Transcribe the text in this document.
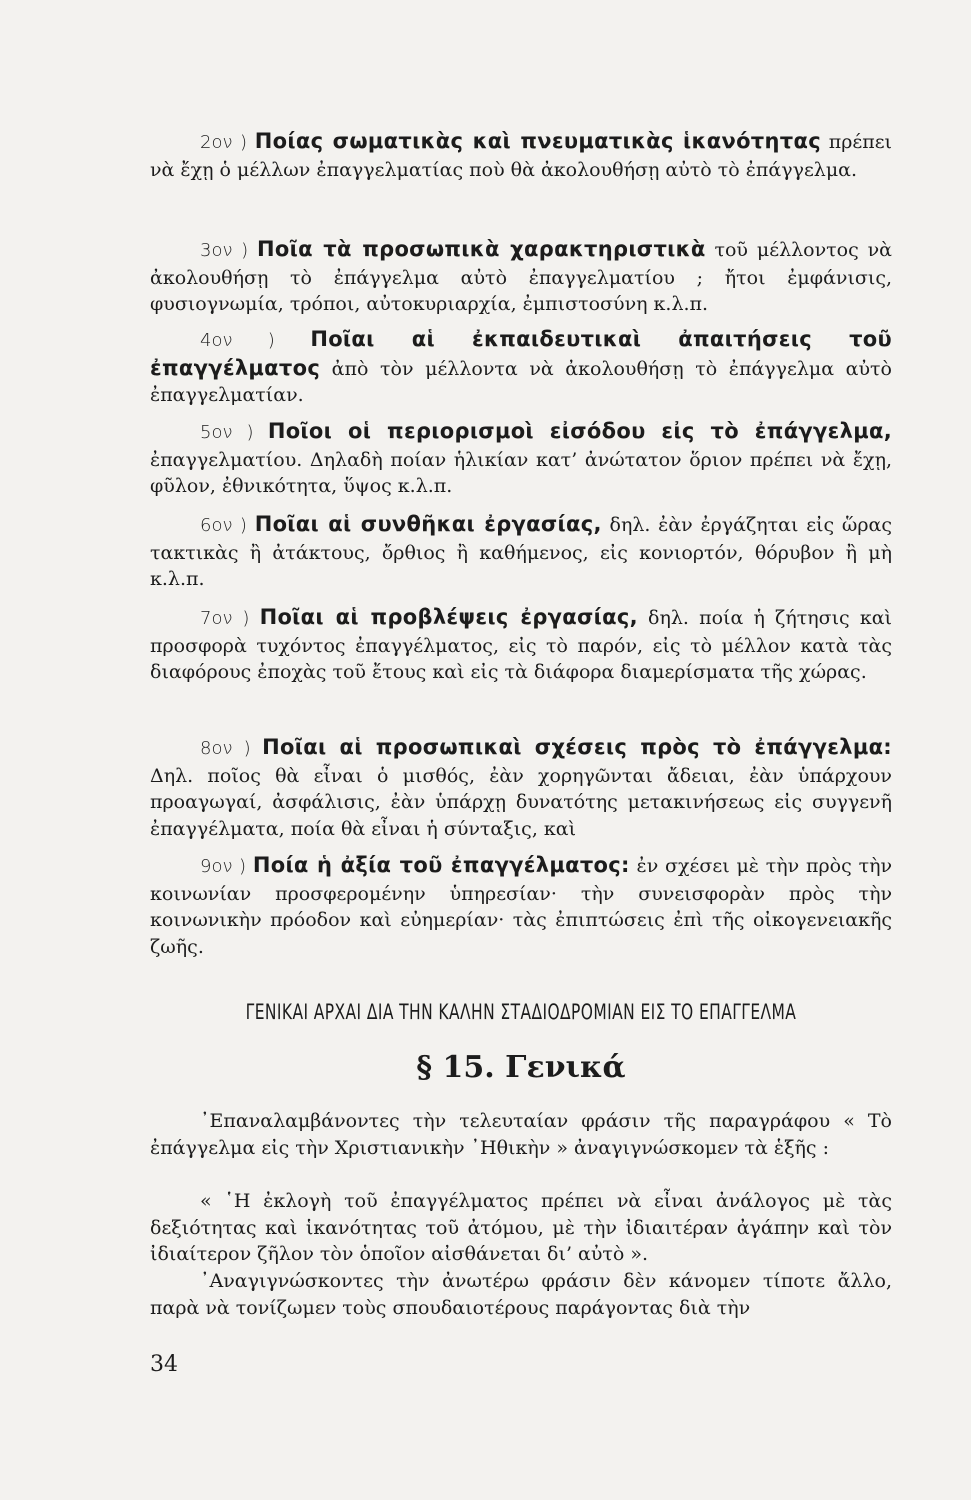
2ον ) Ποίας σωματικὰς καὶ πνευματικὰς ἱκανότητας πρέπει νὰ ἔχῃ ὁ μέλλων ἐπαγγελματίας ποὺ θὰ ἀκολουθήσῃ αὐτὸ τὸ ἐπάγγελμα.
3ον ) Ποῖα τὰ προσωπικὰ χαρακτηριστικὰ τοῦ μέλλοντος νὰ ἀκολουθήσῃ τὸ ἐπάγγελμα αὐτὸ ἐπαγγελματίου ; ἤτοι ἐμφάνισις, φυσιογνωμία, τρόποι, αὐτοκυριαρχία, ἐμπιστοσύνη κ.λ.π.
4ον ) Ποῖαι αἱ ἐκπαιδευτικαὶ ἀπαιτήσεις τοῦ ἐπαγγέλματος ἀπὸ τὸν μέλλοντα νὰ ἀκολουθήσῃ τὸ ἐπάγγελμα αὐτὸ ἐπαγγελματίαν.
5ον ) Ποῖοι οἱ περιορισμοὶ εἰσόδου εἰς τὸ ἐπάγγελμα, ἐπαγγελματίου. Δηλαδὴ ποίαν ἡλικίαν κατ’ ἀνώτατον ὅριον πρέπει νὰ ἔχῃ, φῦλον, ἐθνικότητα, ὕψος κ.λ.π.
6ον ) Ποῖαι αἱ συνθῆκαι ἐργασίας, δηλ. ἐὰν ἐργάζηται εἰς ὥρας τακτικὰς ἢ ἀτάκτους, ὄρθιος ἢ καθήμενος, εἰς κονιορτόν, θόρυβον ἢ μὴ κ.λ.π.
7ον ) Ποῖαι αἱ προβλέψεις ἐργασίας, δηλ. ποία ἡ ζήτησις καὶ προσφορὰ τυχόντος ἐπαγγέλματος, εἰς τὸ παρόν, εἰς τὸ μέλλον κατὰ τὰς διαφόρους ἐποχὰς τοῦ ἔτους καὶ εἰς τὰ διάφορα διαμερίσματα τῆς χώρας.
8ον ) Ποῖαι αἱ προσωπικαὶ σχέσεις πρὸς τὸ ἐπάγγελμα: Δηλ. ποῖος θὰ εἶναι ὁ μισθός, ἐὰν χορηγῶνται ἄδειαι, ἐὰν ὑπάρχουν προαγωγαί, ἀσφάλισις, ἐὰν ὑπάρχῃ δυνατότης μετακινήσεως εἰς συγγενῆ ἐπαγγέλματα, ποία θὰ εἶναι ἡ σύνταξις, καὶ
9ον ) Ποία ἡ ἀξία τοῦ ἐπαγγέλματος: ἐν σχέσει μὲ τὴν πρὸς τὴν κοινωνίαν προσφερομένην ὑπηρεσίαν· τὴν συνεισφορὰν πρὸς τὴν κοινωνικὴν πρόοδον καὶ εὐημερίαν· τὰς ἐπιπτώσεις ἐπὶ τῆς οἰκογενειακῆς ζωῆς.
ΓΕΝΙΚΑΙ ΑΡΧΑΙ ΔΙΑ ΤΗΝ ΚΑΛΗΝ ΣΤΑΔΙΟΔΡΟΜΙΑΝ ΕΙΣ ΤΟ ΕΠΑΓΓΕΛΜΑ
§ 15. Γενικά
᾿Επαναλαμβάνοντες τὴν τελευταίαν φράσιν τῆς παραγράφου « Τὸ ἐπάγγελμα εἰς τὴν Χριστιανικὴν ᾿Ηθικὴν » ἀναγιγνώσκομεν τὰ ἑξῆς :
« ῾Η ἐκλογὴ τοῦ ἐπαγγέλματος πρέπει νὰ εἶναι ἀνάλογος μὲ τὰς δεξιότητας καὶ ἱκανότητας τοῦ ἀτόμου, μὲ τὴν ἰδιαιτέραν ἀγάπην καὶ τὸν ἰδιαίτερον ζῆλον τὸν ὁποῖον αἰσθάνεται δι’ αὐτὸ ».
᾿Αναγιγνώσκοντες τὴν ἀνωτέρω φράσιν δὲν κάνομεν τίποτε ἄλλο, παρὰ νὰ τονίζωμεν τοὺς σπουδαιοτέρους παράγοντας διὰ τὴν
34
